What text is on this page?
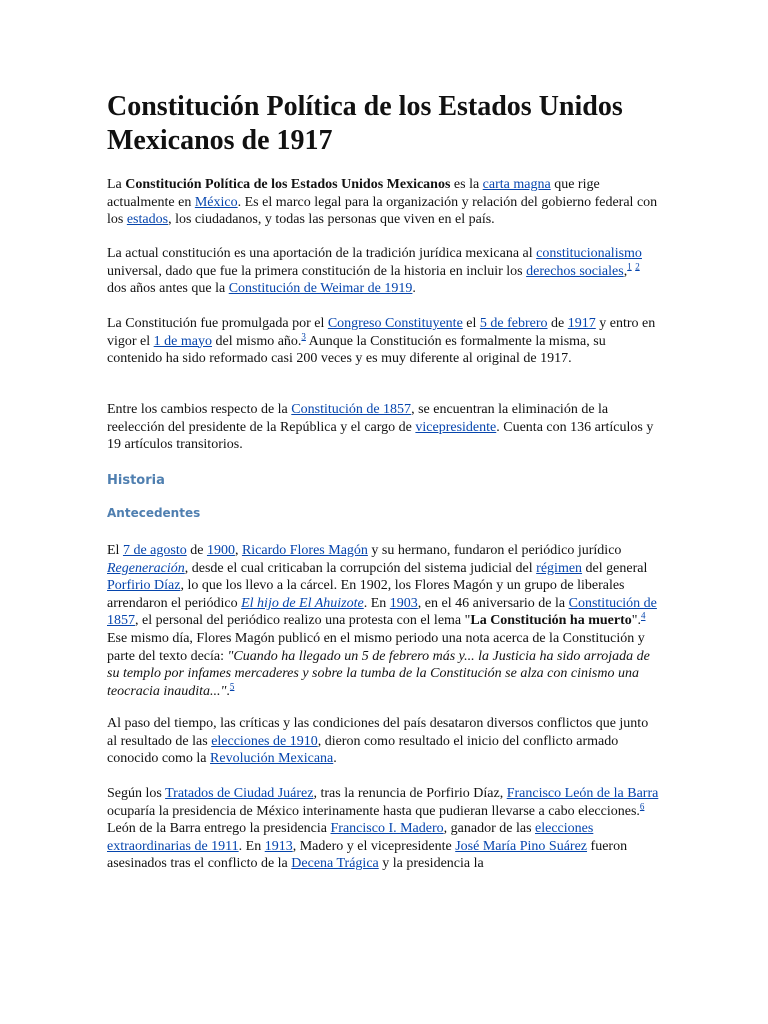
Constitución Política de los Estados Unidos Mexicanos de 1917

La Constitución Política de los Estados Unidos Mexicanos es la carta magna que rige actualmente en México. Es el marco legal para la organización y relación del gobierno federal con los estados, los ciudadanos, y todas las personas que viven en el país.

La actual constitución es una aportación de la tradición jurídica mexicana al constitucionalismo universal, dado que fue la primera constitución de la historia en incluir los derechos sociales,$^1$ $^2$ dos años antes que la Constitución de Weimar de 1919.

La Constitución fue promulgada por el Congreso Constituyente el 5 de febrero de 1917 y entro en vigor el 1 de mayo del mismo año.$^3$ Aunque la Constitución es formalmente la misma, su contenido ha sido reformado casi 200 veces y es muy diferente al original de 1917.

Entre los cambios respecto de la Constitución de 1857, se encuentran la eliminación de la reelección del presidente de la República y el cargo de vicepresidente. Cuenta con 136 artículos y 19 artículos transitorios.

Historia
Antecedentes

El 7 de agosto de 1900, Ricardo Flores Magón y su hermano, fundaron el periódico jurídico Regeneración, desde el cual criticaban la corrupción del sistema judicial del régimen del general Porfirio Díaz, lo que los llevo a la cárcel. En 1902, los Flores Magón y un grupo de liberales arrendaron el periódico El hijo de El Ahuizote. En 1903, en el 46 aniversario de la Constitución de 1857, el personal del periódico realizo una protesta con el lema "La Constitución ha muerto".$^4$ Ese mismo día, Flores Magón publicó en el mismo periodo una nota acerca de la Constitución y parte del texto decía: "Cuando ha llegado un 5 de febrero más y... la Justicia ha sido arrojada de su templo por infames mercaderes y sobre la tumba de la Constitución se alza con cinismo una teocracia inaudita...".$^5$

Al paso del tiempo, las críticas y las condiciones del país desataron diversos conflictos que junto al resultado de las elecciones de 1910, dieron como resultado el inicio del conflicto armado conocido como la Revolución Mexicana.

Según los Tratados de Ciudad Juárez, tras la renuncia de Porfirio Díaz, Francisco León de la Barra ocuparía la presidencia de México interinamente hasta que pudieran llevarse a cabo elecciones.$^6$ León de la Barra entrego la presidencia Francisco I. Madero, ganador de las elecciones extraordinarias de 1911. En 1913, Madero y el vicepresidente José María Pino Suárez fueron asesinados tras el conflicto de la Decena Trágica y la presidencia la
